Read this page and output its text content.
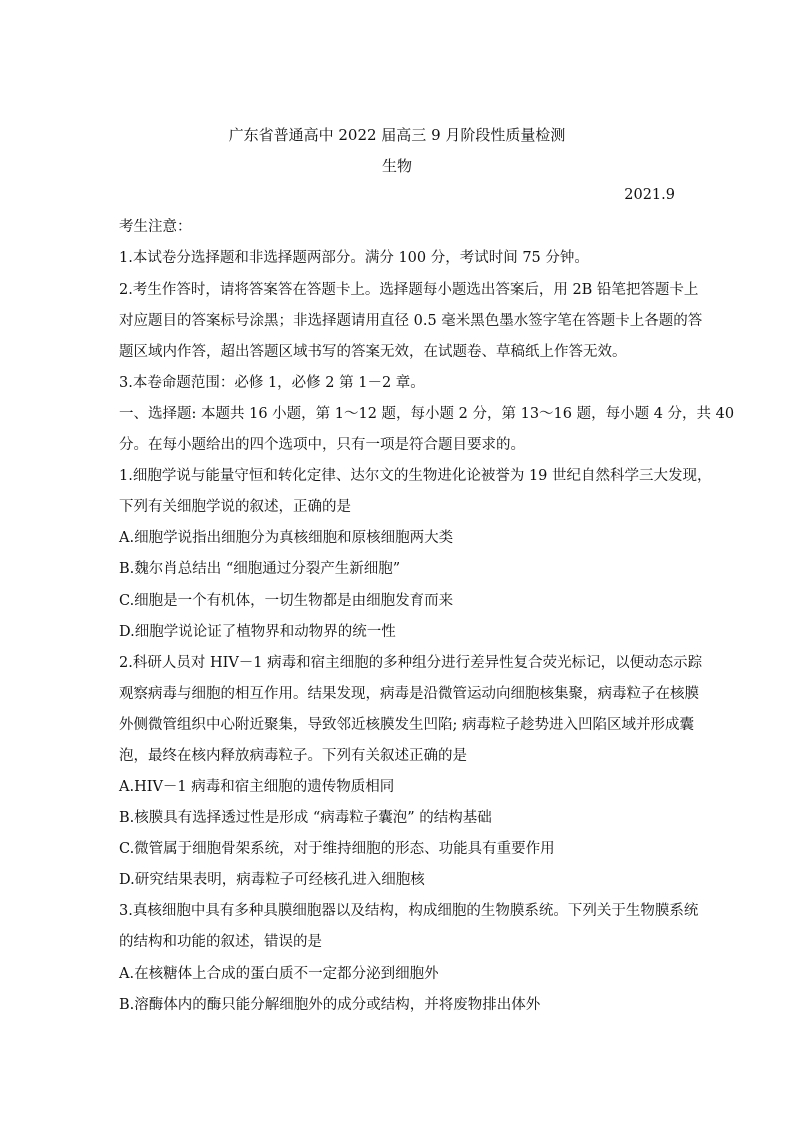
广东省普通高中 2022 届高三 9 月阶段性质量检测
生物
2021.9
考生注意：
1.本试卷分选择题和非选择题两部分。满分 100 分，考试时间 75 分钟。
2.考生作答时，请将答案答在答题卡上。选择题每小题选出答案后，用 2B 铅笔把答题卡上
对应题目的答案标号涂黑；非选择题请用直径 0.5 毫米黑色墨水签字笔在答题卡上各题的答
题区域内作答，超出答题区域书写的答案无效，在试题卷、草稿纸上作答无效。
3.本卷命题范围：必修 1，必修 2 第 1－2 章。
一、选择题: 本题共 16 小题，第 1～12 题，每小题 2 分，第 13～16 题，每小题 4 分，共 40
分。在每小题给出的四个选项中，只有一项是符合题目要求的。
1.细胞学说与能量守恒和转化定律、达尔文的生物进化论被誉为 19 世纪自然科学三大发现，
下列有关细胞学说的叙述，正确的是
A.细胞学说指出细胞分为真核细胞和原核细胞两大类
B.魏尔肖总结出 “细胞通过分裂产生新细胞”
C.细胞是一个有机体，一切生物都是由细胞发育而来
D.细胞学说论证了植物界和动物界的统一性
2.科研人员对 HIV－1 病毒和宿主细胞的多种组分进行差异性复合荧光标记，以便动态示踪
观察病毒与细胞的相互作用。结果发现，病毒是沿微管运动向细胞核集聚，病毒粒子在核膜
外侧微管组织中心附近聚集，导致邻近核膜发生凹陷; 病毒粒子趁势进入凹陷区域并形成囊
泡，最终在核内释放病毒粒子。下列有关叙述正确的是
A.HIV－1 病毒和宿主细胞的遗传物质相同
B.核膜具有选择透过性是形成 “病毒粒子囊泡” 的结构基础
C.微管属于细胞骨架系统，对于维持细胞的形态、功能具有重要作用
D.研究结果表明，病毒粒子可经核孔进入细胞核
3.真核细胞中具有多种具膜细胞器以及结构，构成细胞的生物膜系统。下列关于生物膜系统
的结构和功能的叙述，错误的是
A.在核糖体上合成的蛋白质不一定都分泌到细胞外
B.溶酶体内的酶只能分解细胞外的成分或结构，并将废物排出体外
